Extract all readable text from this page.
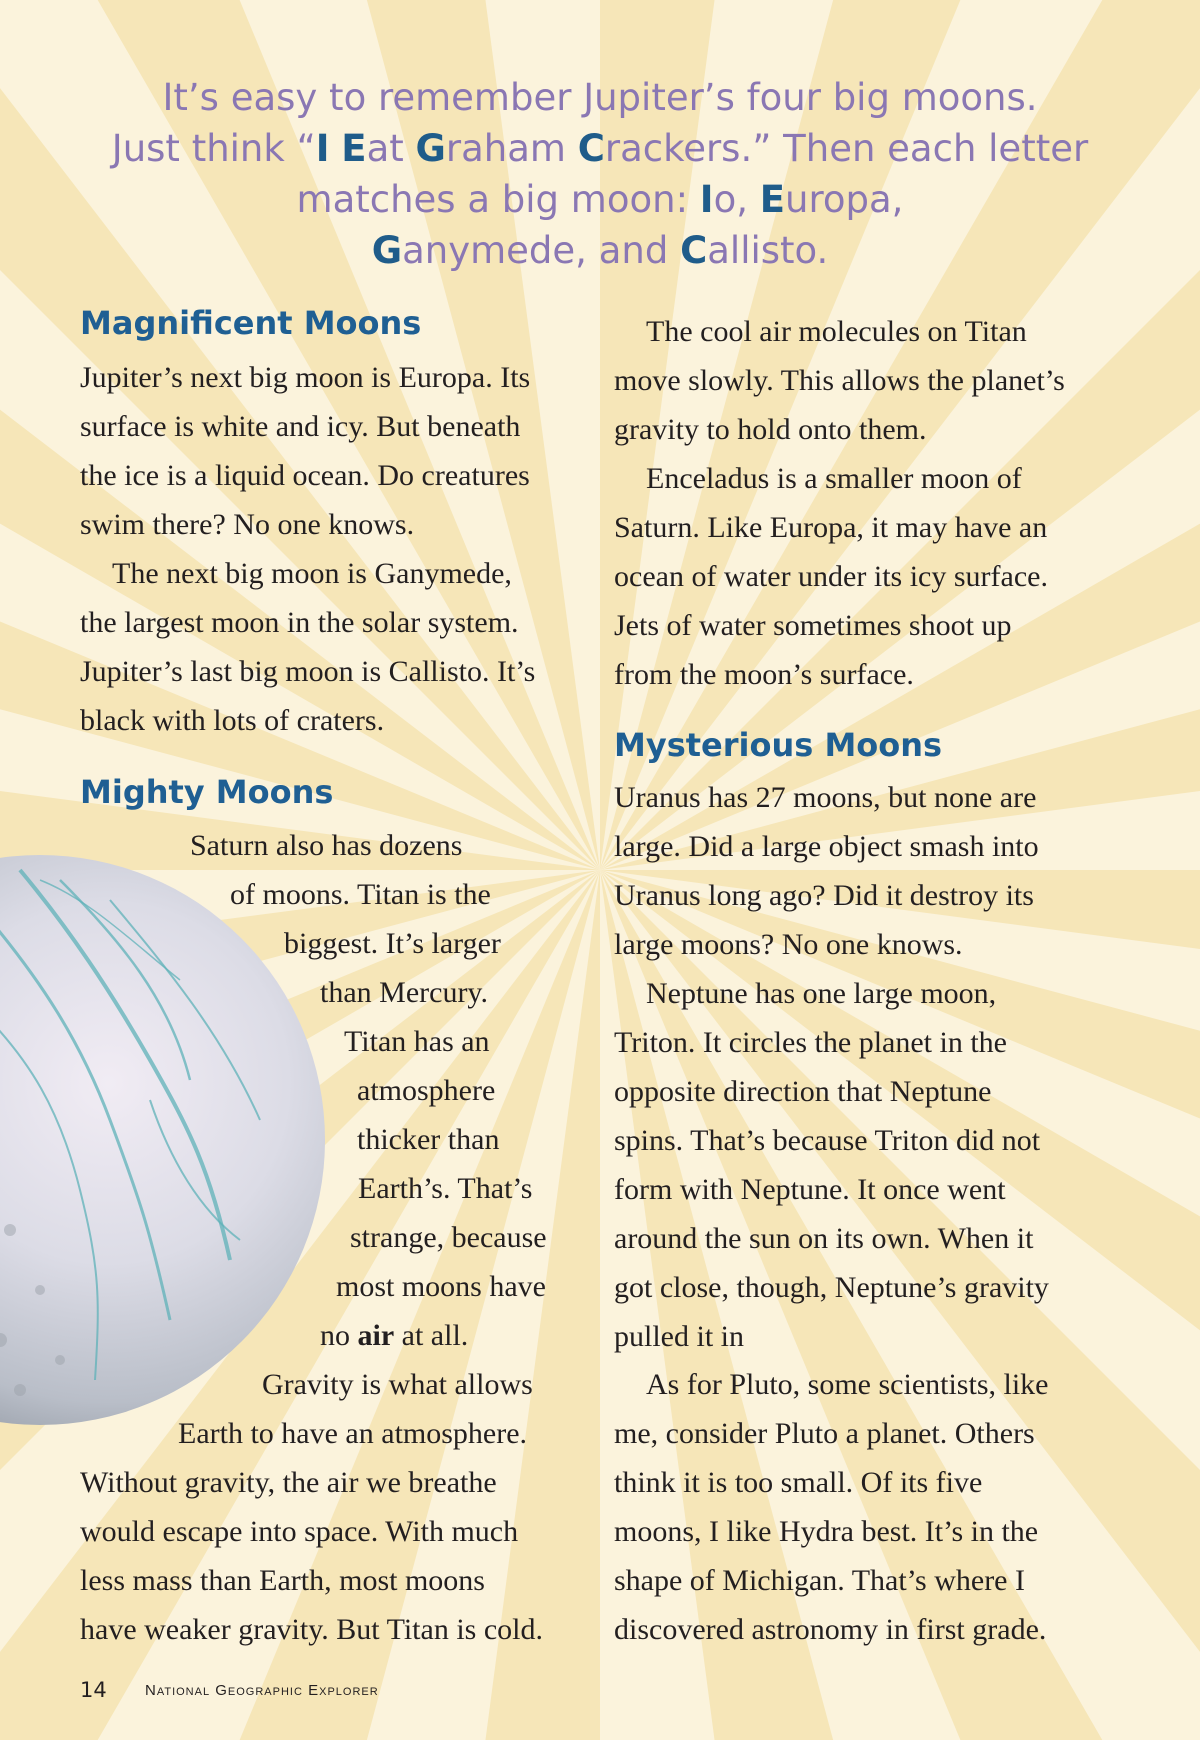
It’s easy to remember Jupiter’s four big moons.
Just think “I Eat Graham Crackers.” Then each letter
matches a big moon: Io, Europa,
Ganymede, and Callisto.
Magnificent Moons
Jupiter’s next big moon is Europa. Its
surface is white and icy. But beneath
the ice is a liquid ocean. Do creatures
swim there? No one knows.
The next big moon is Ganymede,
the largest moon in the solar system.
Jupiter’s last big moon is Callisto. It’s
black with lots of craters.
Mighty Moons
Saturn also has dozens
of moons. Titan is the
biggest. It’s larger
than Mercury.
Titan has an
atmosphere
thicker than
Earth’s. That’s
strange, because
most moons have
no air at all.
Gravity is what allows
Earth to have an atmosphere.
Without gravity, the air we breathe
would escape into space. With much
less mass than Earth, most moons
have weaker gravity. But Titan is cold.
The cool air molecules on Titan
move slowly. This allows the planet’s
gravity to hold onto them.
Enceladus is a smaller moon of
Saturn. Like Europa, it may have an
ocean of water under its icy surface.
Jets of water sometimes shoot up
from the moon’s surface.
Mysterious Moons
Uranus has 27 moons, but none are
large. Did a large object smash into
Uranus long ago? Did it destroy its
large moons? No one knows.
Neptune has one large moon,
Triton. It circles the planet in the
opposite direction that Neptune
spins. That’s because Triton did not
form with Neptune. It once went
around the sun on its own. When it
got close, though, Neptune’s gravity
pulled it in
As for Pluto, some scientists, like
me, consider Pluto a planet. Others
think it is too small. Of its five
moons, I like Hydra best. It’s in the
shape of Michigan. That’s where I
discovered astronomy in first grade.
14	National Geographic Explorer
